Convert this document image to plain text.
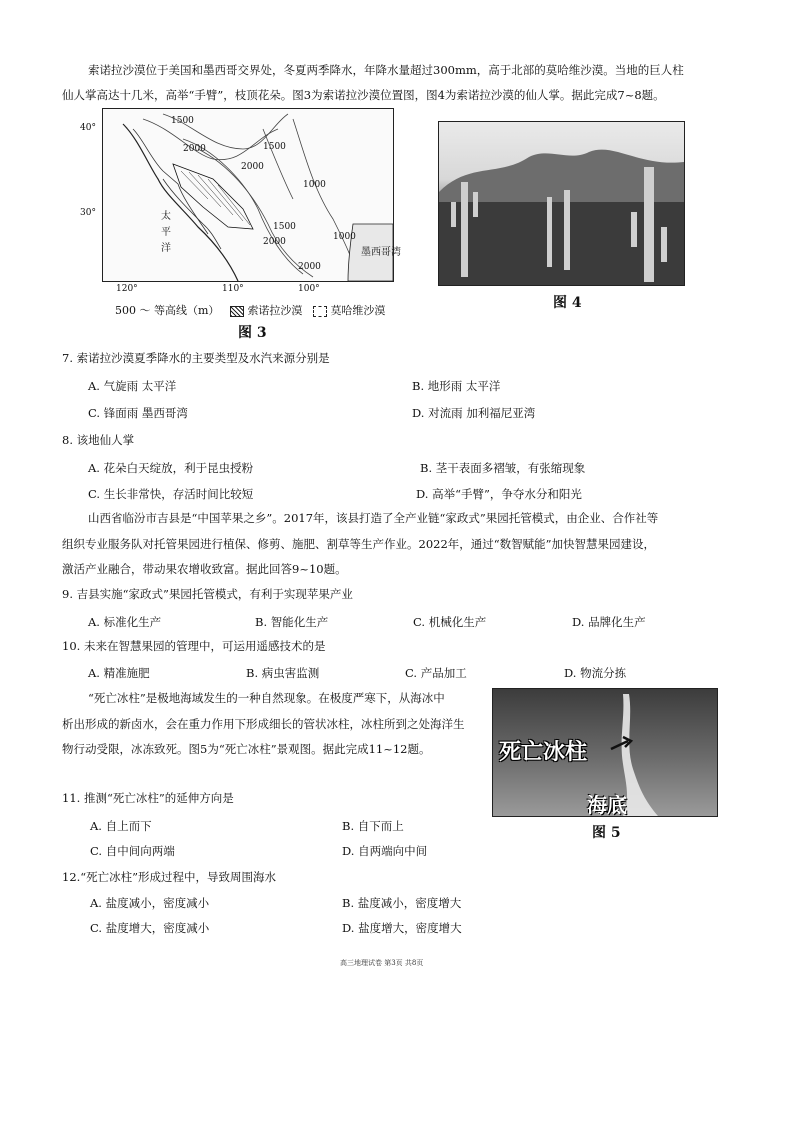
索诺拉沙漠位于美国和墨西哥交界处，冬夏两季降水，年降水量超过300mm，高于北部的莫哈维沙漠。当地的巨人柱
仙人掌高达十几米，高举“手臂”，枝顶花朵。图3为索诺拉沙漠位置图，图4为索诺拉沙漠的仙人掌。据此完成7~8题。
40°
30°
1500
2000	1500
1000
2000
2000
1500
1000
2000
太
平
洋	墨西哥湾
120°	110°	100°
500 ～ 等高线（m）	索诺拉沙漠	莫哈维沙漠
图 3
图 4
7. 索诺拉沙漠夏季降水的主要类型及水汽来源分别是
A. 气旋雨 太平洋	B. 地形雨 太平洋
C. 锋面雨 墨西哥湾	D. 对流雨 加利福尼亚湾
8. 该地仙人掌
A. 花朵白天绽放，利于昆虫授粉	B. 茎干表面多褶皱，有张缩现象
C. 生长非常快，存活时间比较短	D. 高举“手臂”，争夺水分和阳光
山西省临汾市吉县是“中国苹果之乡”。2017年，该县打造了全产业链“家政式”果园托管模式，由企业、合作社等
组织专业服务队对托管果园进行植保、修剪、施肥、割草等生产作业。2022年，通过“数智赋能”加快智慧果园建设，
激活产业融合，带动果农增收致富。据此回答9~10题。
9. 吉县实施“家政式”果园托管模式，有利于实现苹果产业
A. 标准化生产	B. 智能化生产	C. 机械化生产	D. 品牌化生产
10. 未来在智慧果园的管理中，可运用遥感技术的是
A. 精准施肥	B. 病虫害监测	C. 产品加工	D. 物流分拣
“死亡冰柱”是极地海域发生的一种自然现象。在极度严寒下，从海冰中
析出形成的新卤水，会在重力作用下形成细长的管状冰柱，冰柱所到之处海洋生
物行动受限，冰冻致死。图5为“死亡冰柱”景观图。据此完成11~12题。	死亡冰柱
海底
图 5
11. 推测“死亡冰柱”的延伸方向是
A. 自上而下	B. 自下而上
C. 自中间向两端	D. 自两端向中间
12.“死亡冰柱”形成过程中，导致周围海水
A. 盐度减小，密度减小	B. 盐度减小，密度增大
C. 盐度增大，密度减小	D. 盐度增大，密度增大
高三地理试卷 第3页 共8页
